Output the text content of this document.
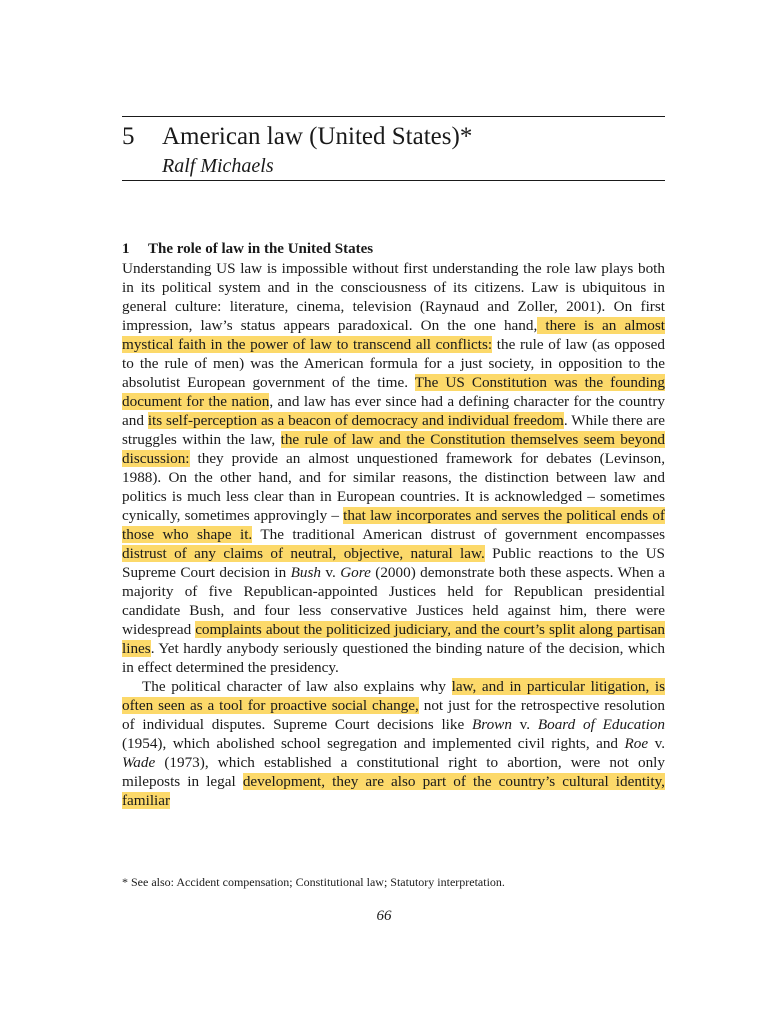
5 American law (United States)*
Ralf Michaels
1 The role of law in the United States

Understanding US law is impossible without first understanding the role law plays both in its political system and in the consciousness of its citizens. Law is ubiquitous in general culture: literature, cinema, television (Raynaud and Zoller, 2001). On first impression, law’s status appears paradoxical. On the one hand, there is an almost mystical faith in the power of law to transcend all conflicts: the rule of law (as opposed to the rule of men) was the American formula for a just society, in opposition to the absolutist European government of the time. The US Constitution was the founding document for the nation, and law has ever since had a defining character for the country and its self-perception as a beacon of democracy and individual freedom. While there are struggles within the law, the rule of law and the Constitution themselves seem beyond discussion: they provide an almost unquestioned framework for debates (Levinson, 1988). On the other hand, and for similar reasons, the distinction between law and politics is much less clear than in European countries. It is acknowledged – sometimes cynically, sometimes approvingly – that law incorporates and serves the political ends of those who shape it. The traditional American distrust of government encompasses distrust of any claims of neutral, objective, natural law. Public reactions to the US Supreme Court decision in Bush v. Gore (2000) demonstrate both these aspects. When a majority of five Republican-appointed Justices held for Republican presidential candidate Bush, and four less conservative Justices held against him, there were widespread complaints about the politicized judiciary, and the court’s split along partisan lines. Yet hardly anybody seriously questioned the binding nature of the decision, which in effect determined the presidency.

The political character of law also explains why law, and in particular litigation, is often seen as a tool for proactive social change, not just for the retrospective resolution of individual disputes. Supreme Court decisions like Brown v. Board of Education (1954), which abolished school segregation and implemented civil rights, and Roe v. Wade (1973), which established a constitutional right to abortion, were not only mileposts in legal development, they are also part of the country’s cultural identity, familiar

* See also: Accident compensation; Constitutional law; Statutory interpretation.
66
